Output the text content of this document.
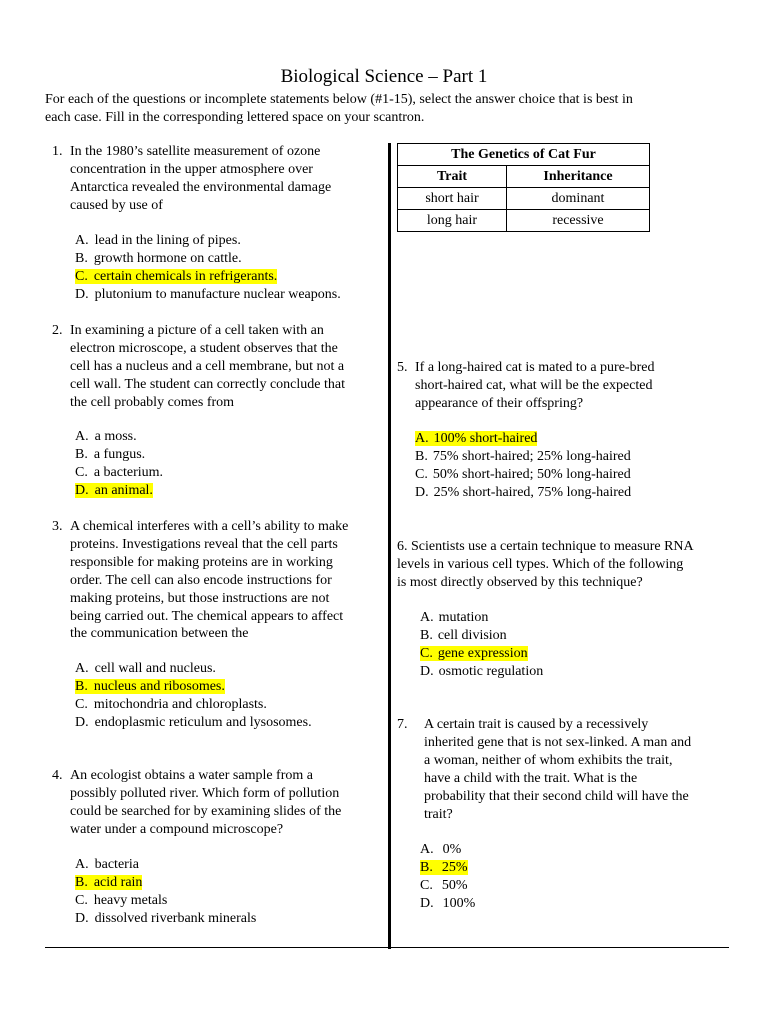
Biological Science – Part 1
For each of the questions or incomplete statements below (#1-15), select the answer choice that is best in
each case. Fill in the corresponding lettered space on your scantron.
The Genetics of Cat Fur	
Trait	Inheritance
short hair	dominant
long hair	recessive
1. In the 1980’s satellite measurement of ozone
concentration in the upper atmosphere over
Antarctica revealed the environmental damage
caused by use of
A. lead in the lining of pipes.
B. growth hormone on cattle.
C. certain chemicals in refrigerants.
D. plutonium to manufacture nuclear weapons.
2. In examining a picture of a cell taken with an
electron microscope, a student observes that the
cell has a nucleus and a cell membrane, but not a
cell wall. The student can correctly conclude that
the cell probably comes from
A. a moss.
B. a fungus.
C. a bacterium.
D. an animal.
3. A chemical interferes with a cell’s ability to make
proteins. Investigations reveal that the cell parts
responsible for making proteins are in working
order. The cell can also encode instructions for
making proteins, but those instructions are not
being carried out. The chemical appears to affect
the communication between the
A. cell wall and nucleus.
B. nucleus and ribosomes.
C. mitochondria and chloroplasts.
D. endoplasmic reticulum and lysosomes.
4. An ecologist obtains a water sample from a
possibly polluted river. Which form of pollution
could be searched for by examining slides of the
water under a compound microscope?
A. bacteria
B. acid rain
C. heavy metals
D. dissolved riverbank minerals
5. If a long-haired cat is mated to a pure-bred
short-haired cat, what will be the expected
appearance of their offspring?
A. 100% short-haired
B. 75% short-haired; 25% long-haired
C. 50% short-haired; 50% long-haired
D. 25% short-haired, 75% long-haired
6. Scientists use a certain technique to measure RNA
levels in various cell types. Which of the following
is most directly observed by this technique?
A. mutation
B. cell division
C. gene expression
D. osmotic regulation
7. A certain trait is caused by a recessively
inherited gene that is not sex-linked. A man and
a woman, neither of whom exhibits the trait,
have a child with the trait. What is the
probability that their second child will have the
trait?
A. 0%
B. 25%
C. 50%
D. 100%
